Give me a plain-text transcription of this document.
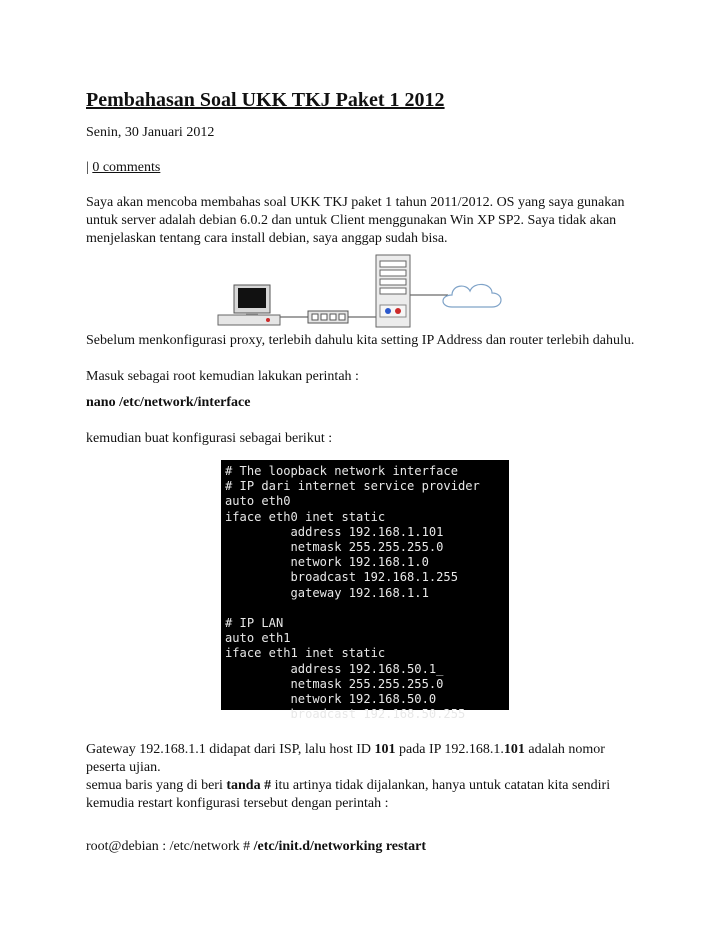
Pembahasan Soal UKK TKJ Paket 1 2012
Senin, 30 Januari 2012
| 0 comments
Saya akan mencoba membahas soal UKK TKJ paket 1 tahun 2011/2012. OS yang saya gunakan untuk server adalah debian 6.0.2 dan untuk Client menggunakan Win XP SP2. Saya tidak akan menjelaskan tentang cara install debian, saya anggap sudah bisa.
Sebelum menkonfigurasi proxy, terlebih dahulu kita setting IP Address dan router terlebih dahulu.
Masuk sebagai root kemudian lakukan perintah :
nano /etc/network/interface
kemudian buat konfigurasi sebagai berikut :
# The loopback network interface
# IP dari internet service provider
auto eth0
iface eth0 inet static
address 192.168.1.101
netmask 255.255.255.0
network 192.168.1.0
broadcast 192.168.1.255
gateway 192.168.1.1

# IP LAN
auto eth1
iface eth1 inet static
address 192.168.50.1_
netmask 255.255.255.0
network 192.168.50.0
broadcast 192.168.50.255

Gateway 192.168.1.1 didapat dari ISP, lalu host ID 101 pada IP 192.168.1.101 adalah nomor
peserta ujian.
semua baris yang di beri tanda # itu artinya tidak dijalankan, hanya untuk catatan kita sendiri
kemudia restart konfigurasi tersebut dengan perintah :
root@debian : /etc/network # /etc/init.d/networking restart
